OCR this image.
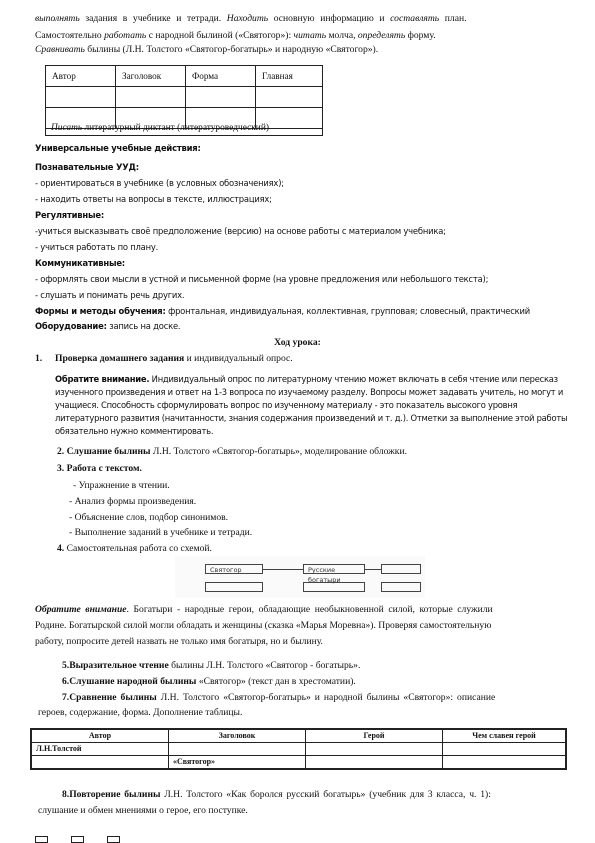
выполнять задания в учебнике и тетради. Находить основную информацию и составлять план.
Самостоятельно работать с народной былиной («Святогор»): читать молча, определять форму.
Сравнивать былины (Л.Н. Толстого «Святогор-богатырь» и народную «Святогор»).
Автор	Заголовок	Форма	Главная

Писать литературный диктант (литературоведческий)
Универсальные учебные действия:
Познавательные УУД:
- ориентироваться в учебнике (в условных обозначениях);
- находить ответы на вопросы в тексте, иллюстрациях;
Регулятивные:
-учиться высказывать своё предположение (версию) на основе работы с материалом учебника;
- учиться работать по плану.
Коммуникативные:
- оформлять свои мысли в устной и письменной форме (на уровне предложения или небольшого текста);
- слушать и понимать речь других.
Формы и методы обучения: фронтальная, индивидуальная, коллективная, групповая; словесный, практический
Оборудование: запись на доске.
Ход урока:
1. Проверка домашнего задания и индивидуальный опрос.
Обратите внимание. Индивидуальный опрос по литературному чтению может включать в себя чтение или пересказ
изученного произведения и ответ на 1-3 вопроса по изучаемому разделу. Вопросы может задавать учитель, но могут и
учащиеся. Способность сформулировать вопрос по изученному материалу - это показатель высокого уровня
литературного развития (начитанности, знания содержания произведений и т. д.). Отметки за выполнение этой работы
обязательно нужно комментировать.
2. Слушание былины Л.Н. Толстого «Святогор-богатырь», моделирование обложки.
3. Работа с текстом.
- Упражнение в чтении.
- Анализ формы произведения.
- Объяснение слов, подбор синонимов.
- Выполнение заданий в учебнике и тетради.
4. Самостоятельная работа со схемой.
Святогор	Русские богатыри
Обратите внимание. Богатыри - народные герои, обладающие необыкновенной силой, которые служили
Родине. Богатырской силой могли обладать и женщины (сказка «Марья Моревна»). Проверяя самостоятельную
работу, попросите детей назвать не только имя богатыря, но и былину.
5.Выразительное чтение былины Л.Н. Толстого «Святогор - богатырь».
6.Слушание народной былины «Святогор» (текст дан в хрестоматии).
7.Сравнение былины Л.Н. Толстого «Святогор-богатырь» и народной былины «Святогор»: описание
героев, содержание, форма. Дополнение таблицы.
Автор	Заголовок	Герой	Чем славен герой
Л.Н.Толстой			
	«Святогор»		
8.Повторение былины Л.Н. Толстого «Как боролся русский богатырь» (учебник для 3 класса, ч. 1):
слушание и обмен мнениями о герое, его поступке.
